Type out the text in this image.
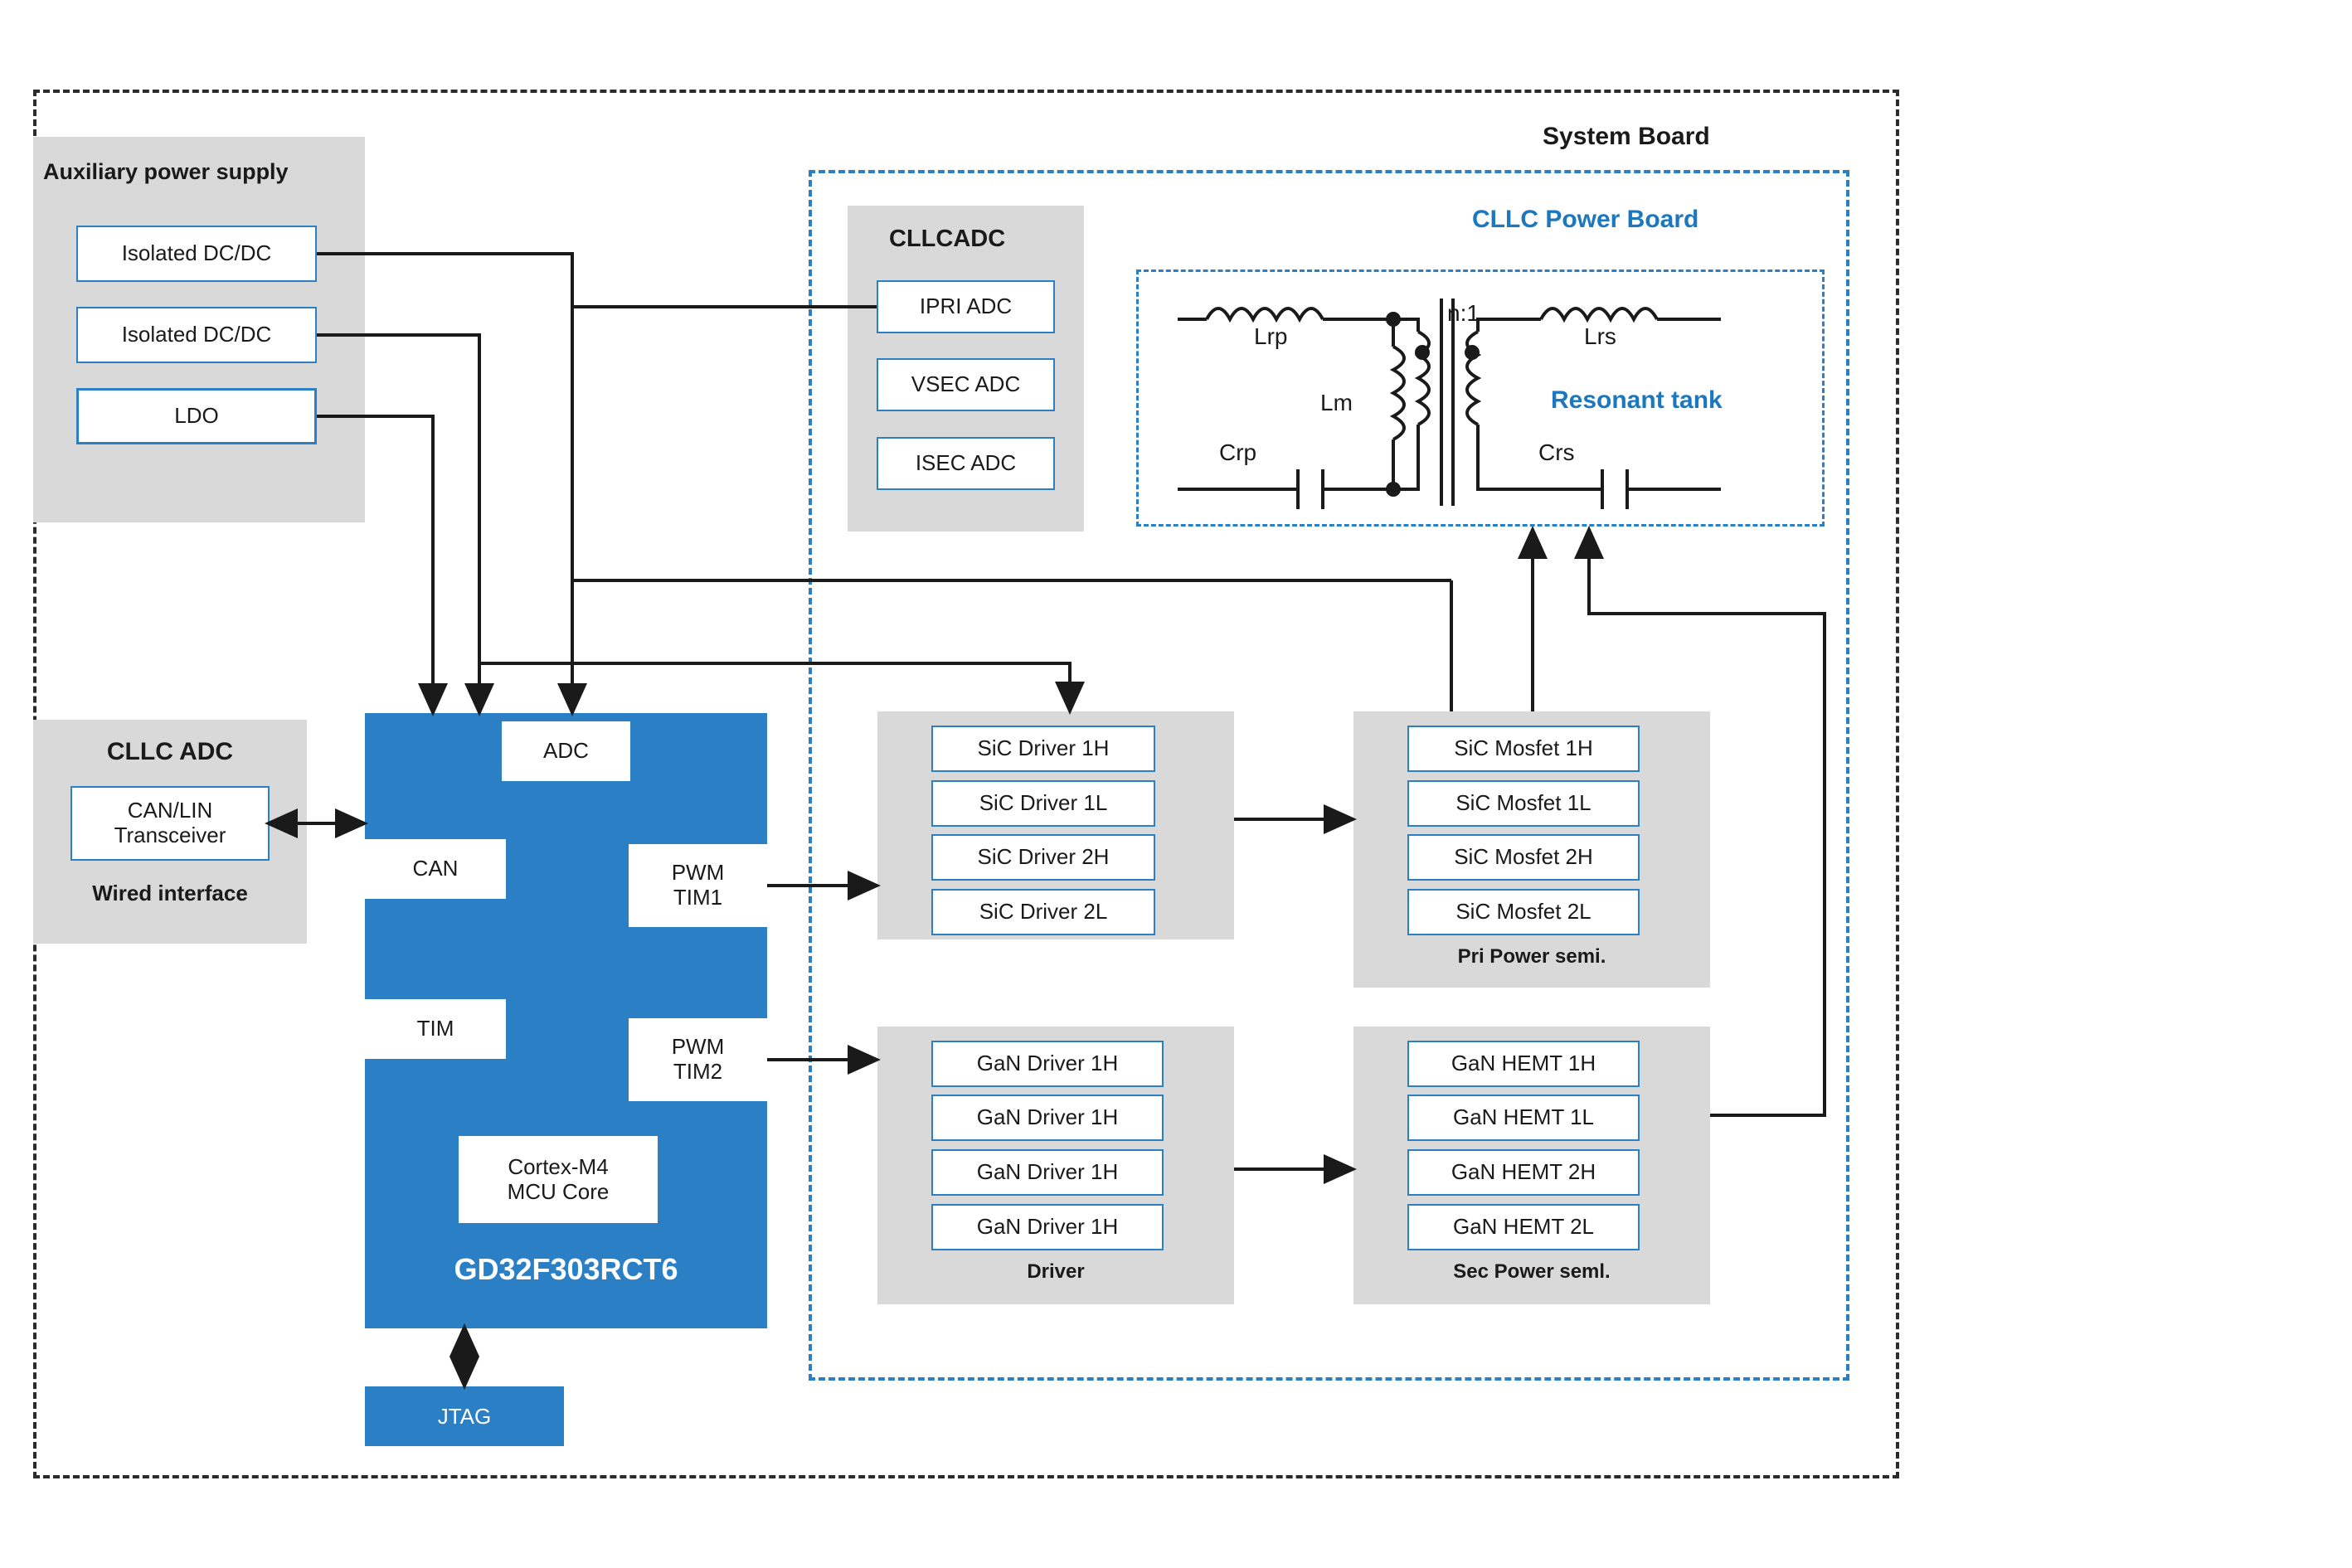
System Board
CLLC Power Board
Resonant tank
Auxiliary power supply
Isolated DC/DC
Isolated DC/DC
LDO
CLLCADC
IPRI ADC
VSEC ADC
ISEC ADC
CLLC ADC
CAN/LIN
Transceiver
Wired interface
GD32F303RCT6
ADC
CAN
TIM
PWM
TIM1
PWM
TIM2
Cortex-M4
MCU Core
JTAG
SiC Driver 1H
SiC Driver 1L
SiC Driver 2H
SiC Driver 2L
SiC Mosfet 1H
SiC Mosfet 1L
SiC Mosfet 2H
SiC Mosfet 2L
Pri Power semi.
GaN Driver 1H
GaN Driver 1H
GaN Driver 1H
GaN Driver 1H
Driver
GaN HEMT 1H
GaN HEMT 1L
GaN HEMT 2H
GaN HEMT 2L
Sec Power seml.
Lrp
Lm
Crp
n:1
Lrs
Crs
